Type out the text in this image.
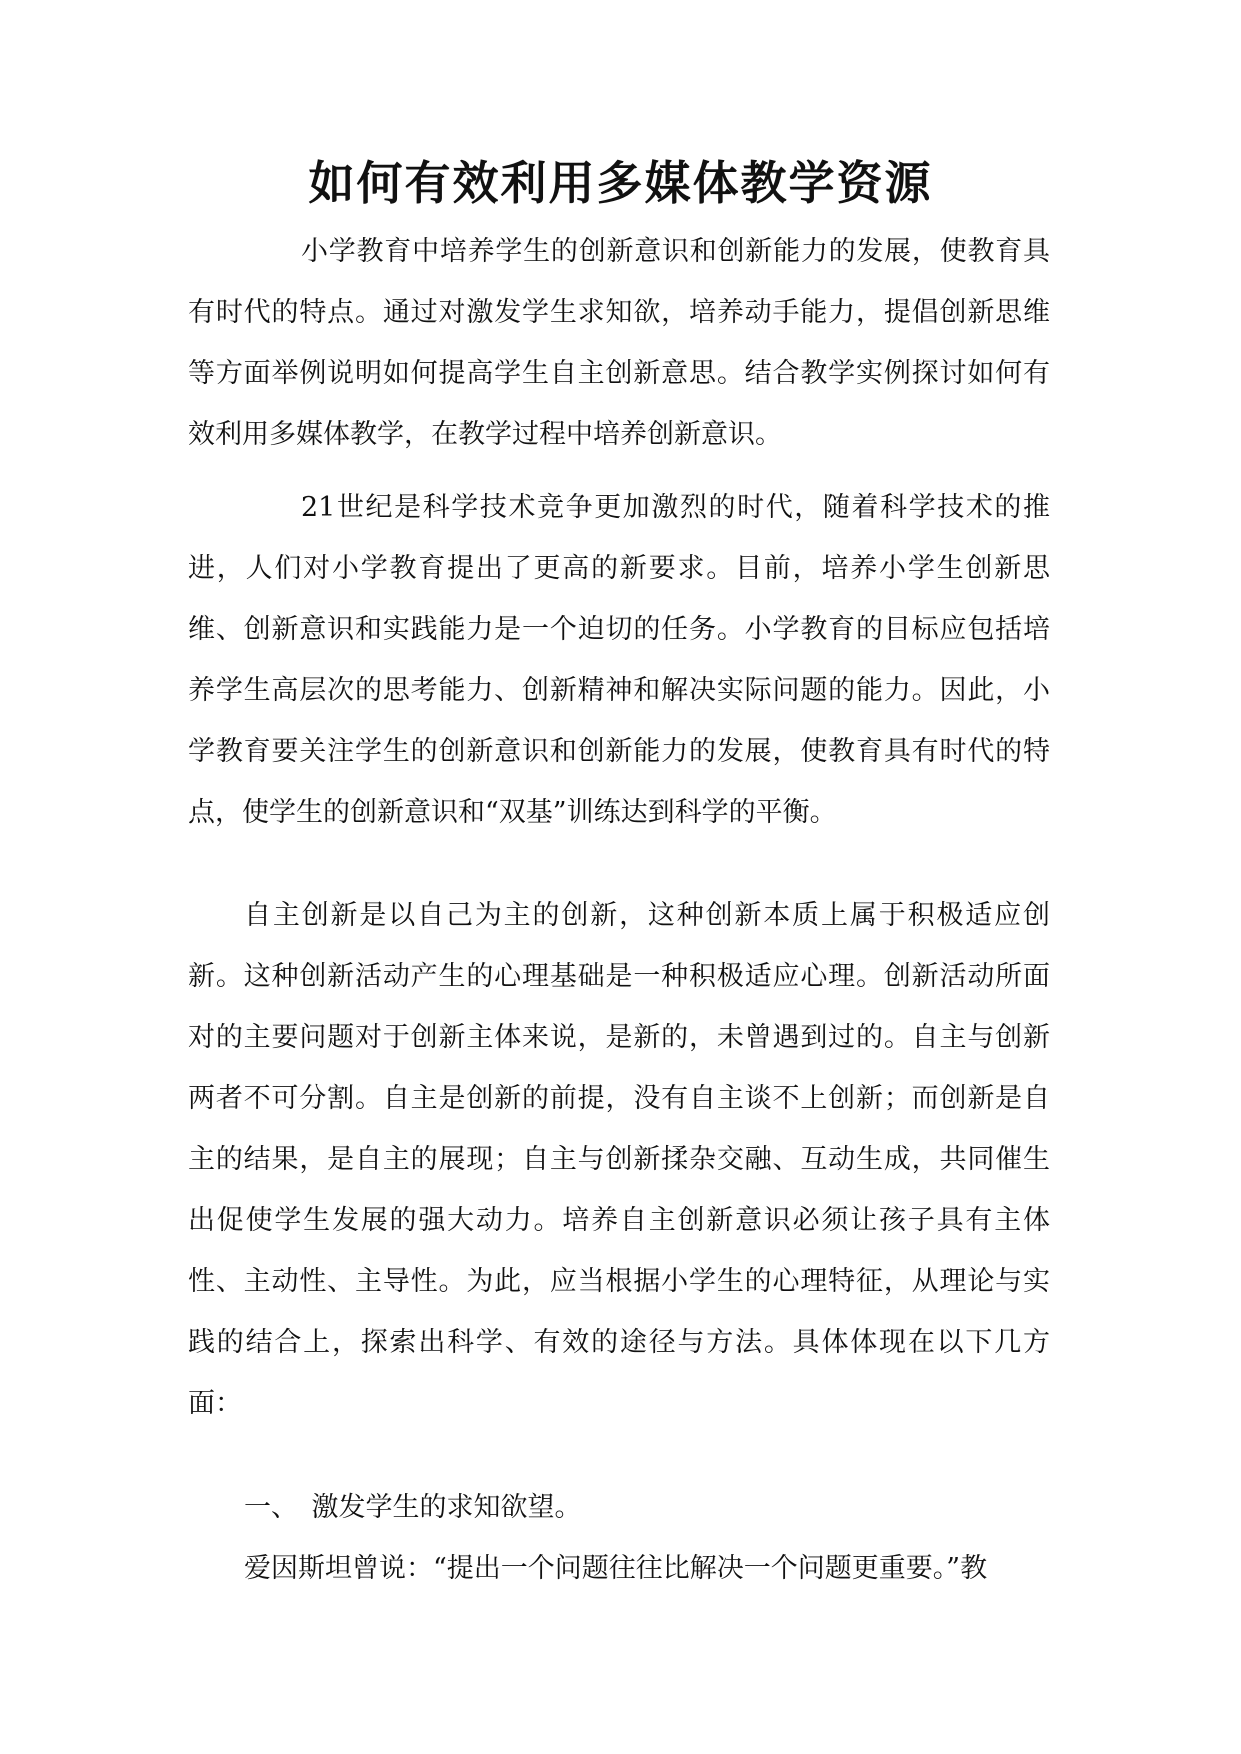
如何有效利用多媒体教学资源

小学教育中培养学生的创新意识和创新能力的发展，使教育具有时代的特点。通过对激发学生求知欲，培养动手能力，提倡创新思维等方面举例说明如何提高学生自主创新意思。结合教学实例探讨如何有效利用多媒体教学，在教学过程中培养创新意识。

21世纪是科学技术竞争更加激烈的时代，随着科学技术的推进，人们对小学教育提出了更高的新要求。目前，培养小学生创新思维、创新意识和实践能力是一个迫切的任务。小学教育的目标应包括培养学生高层次的思考能力、创新精神和解决实际问题的能力。因此，小学教育要关注学生的创新意识和创新能力的发展，使教育具有时代的特点，使学生的创新意识和“双基”训练达到科学的平衡。

自主创新是以自己为主的创新，这种创新本质上属于积极适应创新。这种创新活动产生的心理基础是一种积极适应心理。创新活动所面对的主要问题对于创新主体来说，是新的，未曾遇到过的。自主与创新两者不可分割。自主是创新的前提，没有自主谈不上创新；而创新是自主的结果，是自主的展现；自主与创新揉杂交融、互动生成，共同催生出促使学生发展的强大动力。培养自主创新意识必须让孩子具有主体性、主动性、主导性。为此，应当根据小学生的心理特征，从理论与实践的结合上，探索出科学、有效的途径与方法。具体体现在以下几方面：

一、　激发学生的求知欲望。

爱因斯坦曾说：“提出一个问题往往比解决一个问题更重要。”教
